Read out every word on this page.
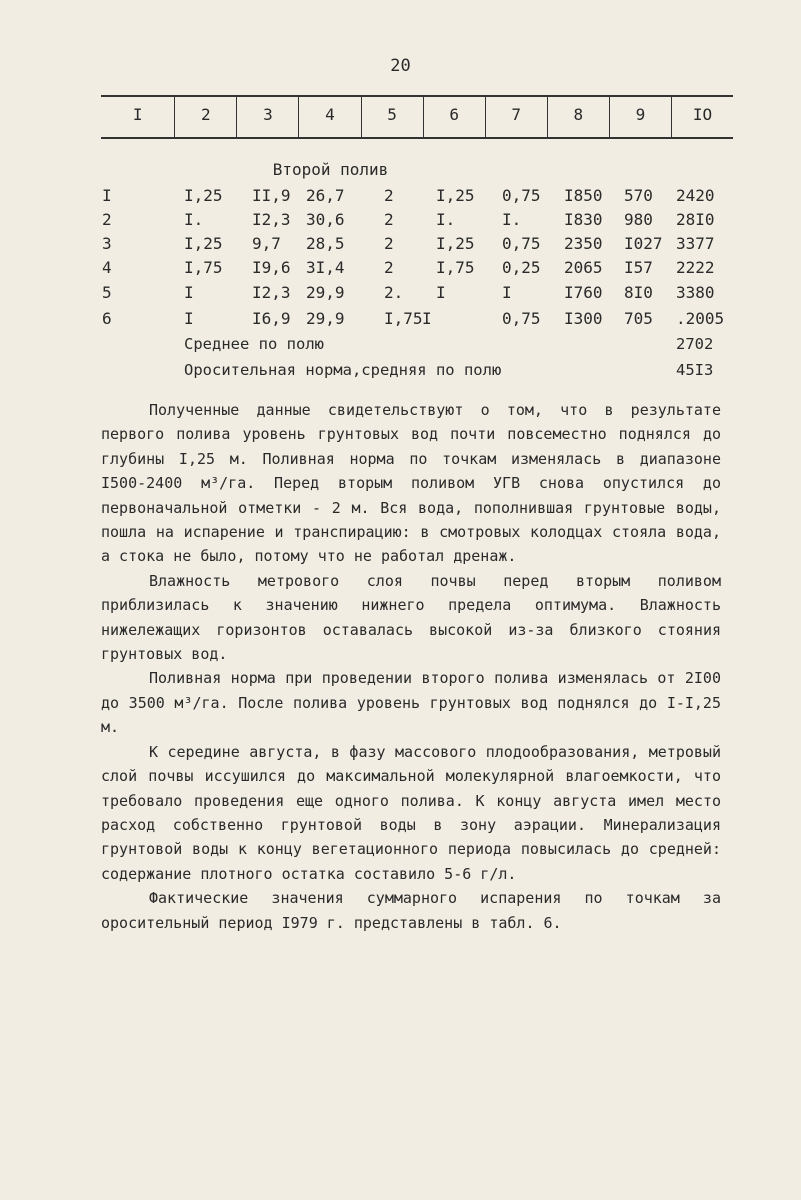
20
I	2	3	4	5	6	7	8	9	IO
Второй полив
I	I,25 II,9 26,7 2	I,25 0,75 I850 570 2420
2	I.	I2,3 30,6 2	I.	I.	I830 980 28I0
3	I,25 9,7 28,5 2	I,25 0,75 2350 I027 3377
4	I,75 I9,6 3I,4 2	I,75 0,25 2065 I57 2222
5	I	I2,3 29,9 2. I	I	I760 8I0 3380
6	I	I6,9 29,9 I,75 I	0,75 I300 705 .2005
Среднее по полю	2702
Оросительная норма,средняя по полю	45I3

Полученные данные свидетельствуют о том, что в результате первого полива уровень грунтовых вод почти повсеместно поднялся до глубины I,25 м. Поливная норма по точкам изменялась в диапазоне I500-2400 м³/га. Перед вторым поливом УГВ снова опустился до первоначальной отметки - 2 м. Вся вода, пополнившая грунтовые воды, пошла на испарение и транспирацию: в смотровых колодцах стояла вода, а стока не было, потому что не работал дренаж.

Влажность метрового слоя почвы перед вторым поливом приблизилась к значению нижнего предела оптимума. Влажность нижележащих горизонтов оставалась высокой из-за близкого стояния грунтовых вод.

Поливная норма при проведении второго полива изменялась от 2I00 до 3500 м³/га. После полива уровень грунтовых вод поднялся до I-I,25 м.

К середине августа, в фазу массового плодообразования, метровый слой почвы иссушился до максимальной молекулярной влагоемкости, что требовало проведения еще одного полива. К концу августа имел место расход собственно грунтовой воды в зону аэрации. Минерализация грунтовой воды к концу вегетационного периода повысилась до средней: содержание плотного остатка составило 5-6 г/л.

Фактические значения суммарного испарения по точкам за оросительный период I979 г. представлены в табл. 6.
